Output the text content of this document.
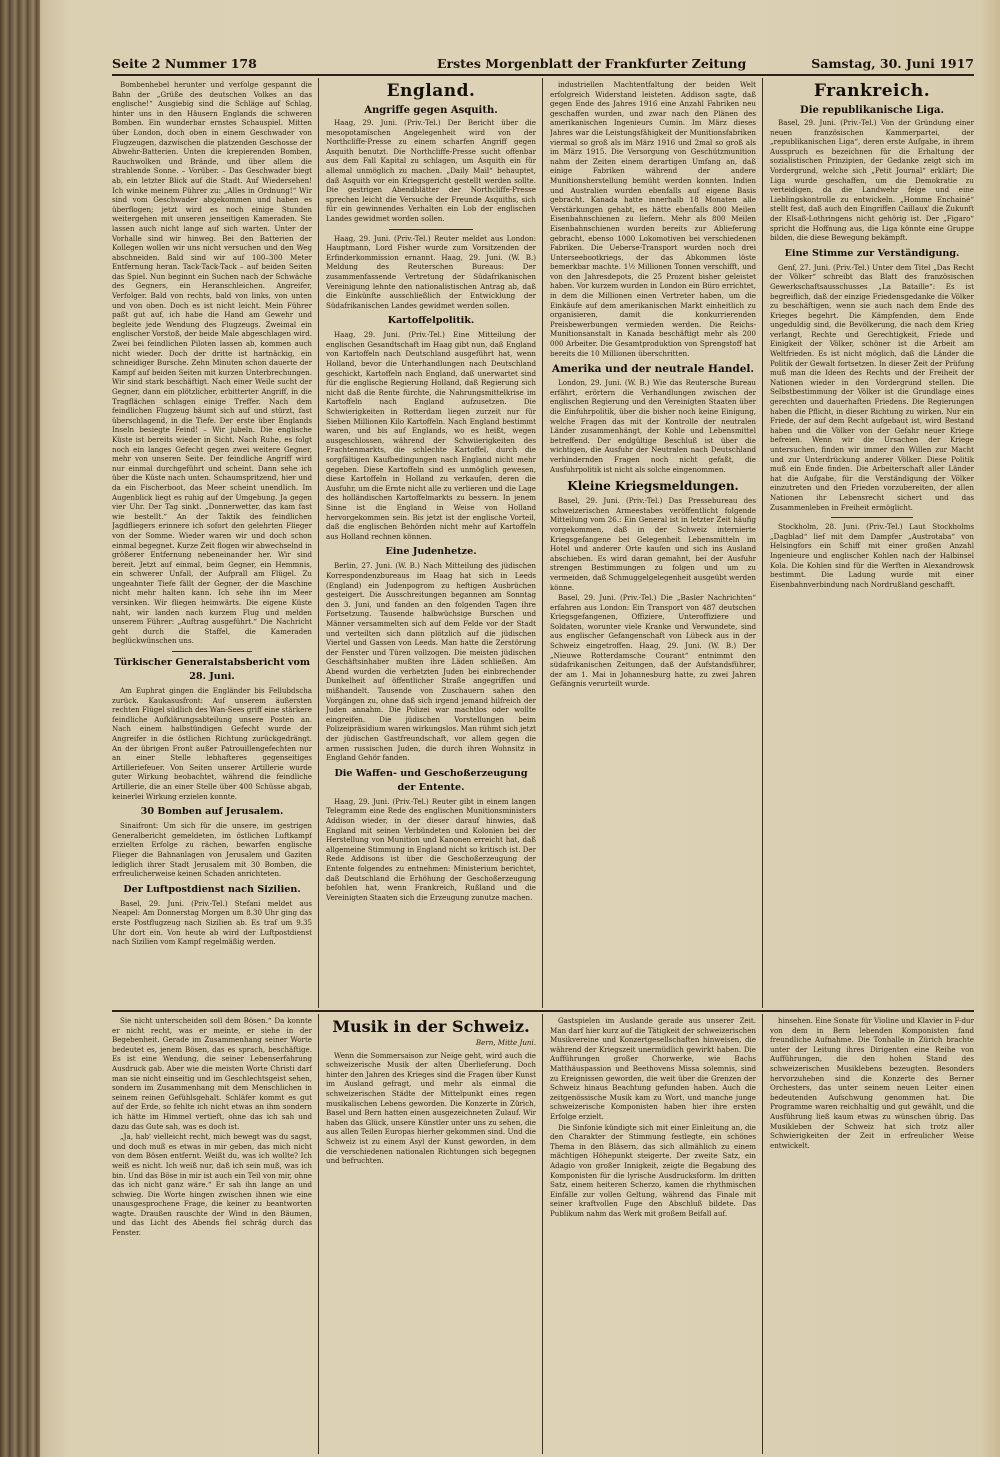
Seite 2 Nummer 178	Erstes Morgenblatt der Frankfurter Zeitung	Samstag, 30. Juni 1917

Bombenhebel herunter und verfolge gespannt die Bahn der „Grüße des deutschen Volkes an das englische!“ Ausgiebig sind die Schläge auf Schlag, hinter uns in den Häusern Englands die schweren Bomben. Ein wunderbar ernstes Schauspiel. Mitten über London, doch oben in einem Geschwader von Flugzeugen, dazwischen die platzenden Geschosse der Abwehr-Batterien. Unten die krepierenden Bomben, Rauchwolken und Brände, und über allem die strahlende Sonne. – Vorüber. – Das Geschwader biegt ab, ein letzter Blick auf die Stadt. Auf Wiedersehen! Ich winke meinem Führer zu: „Alles in Ordnung!“ Wir sind vom Geschwader abgekommen und haben es überflogen; jetzt wird es noch einige Stunden weitergehen mit unseren jenseitigen Kameraden. Sie lassen auch nicht lange auf sich warten. Unter der Vorhalle sind wir hinweg. Bei den Batterien der Kollegen wollen wir uns nicht versuchen und den Weg abschneiden. Bald sind wir auf 100–300 Meter Entfernung heran. Tack-Tack-Tack – auf beiden Seiten das Spiel. Nun beginnt ein Suchen nach der Schwäche des Gegners, ein Heranschleichen. Angreifer, Verfolger. Bald von rechts, bald von links, von unten und von oben. Doch es ist nicht leicht. Mein Führer paßt gut auf, ich habe die Hand am Gewehr und begleite jede Wendung des Flugzeugs. Zweimal ein englischer Vorstoß, der beide Male abgeschlagen wird. Zwei bei feindlichen Piloten lassen ab, kommen auch nicht wieder. Doch der dritte ist hartnäckig, ein schneidiger Bursche. Zehn Minuten schon dauerte der Kampf auf beiden Seiten mit kurzen Unterbrechungen. Wir sind stark beschäftigt. Nach einer Weile sucht der Gegner, dann ein plötzlicher, erbitterter Angriff, in die Tragflächen schlagen einige Treffer. Nach dem feindlichen Flugzeug bäumt sich auf und stürzt, fast überschlagend, in die Tiefe. Der erste über Englands Inseln besiegte Feind! – Wir jubeln. Die englische Küste ist bereits wieder in Sicht. Nach Ruhe, es folgt noch ein langes Gefecht gegen zwei weitere Gegner, mehr von unseren Seite. Der feindliche Angriff wird nur einmal durchgeführt und scheint. Dann sehe ich über die Küste nach unten. Schaumspritzend, hier und da ein Fischerboot, das Meer scheint unendlich. Im Augenblick liegt es ruhig auf der Umgebung. Ja gegen vier Uhr. Der Tag sinkt. „Donnerwetter, das kam fast wie bestellt.“ An der Taktik des feindlichen Jagdfliegers erinnere ich sofort den gelehrten Flieger von der Somme. Wieder waren wir und doch schon einmal begegnet. Kurze Zeit flogen wir abwechselnd in größerer Entfernung nebeneinander her. Wir sind bereit. Jetzt auf einmal, beim Gegner, ein Hemmnis, ein schwerer Unfall, der Aufprall am Flügel. Zu ungeahnter Tiefe fällt der Gegner, der die Maschine nicht mehr halten kann. Ich sehe ihn im Meer versinken. Wir fliegen heimwärts. Die eigene Küste naht, wir landen nach kurzem Flug und melden unserem Führer: „Auftrag ausgeführt.“ Die Nachricht geht durch die Staffel, die Kameraden beglückwünschen uns.

Türkischer Generalstabsbericht vom 28. Juni.

Am Euphrat gingen die Engländer bis Fellubdscha zurück. Kaukasusfront: Auf unserem äußersten rechten Flügel südlich des Wan-Sees griff eine stärkere feindliche Aufklärungsabteilung unsere Posten an. Nach einem halbstündigen Gefecht wurde der Angreifer in die östlichen Richtung zurückgedrängt. An der übrigen Front außer Patrouillengefechten nur an einer Stelle lebhafteres gegenseitiges Artilleriefeuer. Von Seiten unserer Artillerie wurde guter Wirkung beobachtet, während die feindliche Artillerie, die an einer Stelle über 400 Schüsse abgab, keinerlei Wirkung erzielen konnte.

30 Bomben auf Jerusalem.

Sinaifront: Um sich für die unsere, im gestrigen Generalbericht gemeldeten, im östlichen Luftkampf erzielten Erfolge zu rächen, bewarfen englische Flieger die Bahnanlagen von Jerusalem und Gaziten lediglich ihrer Stadt Jerusalem mit 30 Bomben, die erfreulicherweise keinen Schaden anrichteten.

Der Luftpostdienst nach Sizilien.

Basel, 29. Juni. (Priv.-Tel.) Stefani meldet aus Neapel: Am Donnerstag Morgen um 8.30 Uhr ging das erste Postflugzeug nach Sizilien ab. Es traf um 9.35 Uhr dort ein. Von heute ab wird der Luftpostdienst nach Sizilien vom Kampf regelmäßig werden.

England.
Angriffe gegen Asquith.

Haag, 29. Juni. (Priv.-Tel.) Der Bericht über die mesopotamischen Angelegenheit wird von der Northcliffe-Presse zu einem scharfen Angriff gegen Asquith benutzt. Die Northcliffe-Presse sucht offenbar aus dem Fall Kapital zu schlagen, um Asquith ein für allemal unmöglich zu machen. „Daily Mail“ behauptet, daß Asquith vor ein Kriegsgericht gestellt werden sollte. Die gestrigen Abendblätter der Northcliffe-Presse sprechen leicht die Versuche der Freunde Asquiths, sich für ein gewinnendes Verhalten ein Lob der englischen Landes gewidmet worden sollen.

Haag, 29. Juni. (Priv.-Tel.) Reuter meldet aus London: Hauptmann, Lord Fisher wurde zum Vorsitzenden der Erfinderkommission ernannt. Haag, 29. Juni. (W. B.) Meldung des Reuterschen Bureaus: Der zusammenfassende Vertretung der Südafrikanischen Vereinigung lehnte den nationalistischen Antrag ab, daß die Einkünfte ausschließlich der Entwicklung der Südafrikanischen Landes gewidmet werden sollen.

Kartoffelpolitik.

Haag, 29. Juni. (Priv.-Tel.) Eine Mitteilung der englischen Gesandtschaft im Haag gibt nun, daß England von Kartoffeln nach Deutschland ausgeführt hat, wenn Holland, bevor die Unterhandlungen nach Deutschland geschickt, Kartoffeln nach England, daß unerwartet sind für die englische Regierung Holland, daß Regierung sich nicht daß die Rente fürchte, die Nahrungsmittelkrise im Kartoffeln nach England aufzusetzen. Die Schwierigkeiten in Rotterdam liegen zurzeit nur für Sieben Millionen Kilo Kartoffeln. Nach England bestimmt waren, und bis auf Englands, wo es heißt, wegen ausgeschlossen, während der Schwiierigkeiten des Frachtenmarkts, die schlechte Kartoffel, durch die sorgfältigen Kaufbedingungen nach England nicht mehr gegeben. Diese Kartoffeln sind es unmöglich gewesen, diese Kartoffeln in Holland zu verkaufen, deren die Ausfuhr, um die Ernte nicht alle zu verlieren und die Lage des holländischen Kartoffelmarkts zu bessern. In jenem Sinne ist die England in Weise von Holland hervorgekommen sein. Bis jetzt ist der englische Vorteil, daß die englischen Behörden nicht mehr auf Kartoffeln aus Holland rechnen können.

Eine Judenhetze.

Berlin, 27. Juni. (W. B.) Nach Mitteilung des jüdischen Korrespondenzbureaus im Haag hat sich in Leeds (England) ein Judenpogrom zu heftigen Ausbrüchen gesteigert. Die Ausschreitungen begannen am Sonntag den 3. Juni, und fanden an den folgenden Tagen ihre Fortsetzung. Tausende halbwüchsige Burschen und Männer versammelten sich auf dem Felde vor der Stadt und verteilten sich dann plötzlich auf die jüdischen Viertel und Gassen von Leeds. Man hatte die Zerstörung der Fenster und Türen vollzogen. Die meisten jüdischen Geschäftsinhaber mußten ihre Läden schließen. Am Abend wurden die verhetzten Juden bei einbrechender Dunkelheit auf öffentlicher Straße angegriffen und mißhandelt. Tausende von Zuschauern sahen den Vorgängen zu, ohne daß sich irgend jemand hilfreich der Juden annahm. Die Polizei war machtlos oder wollte eingreifen. Die jüdischen Vorstellungen beim Polizeipräsidium waren wirkungslos. Man rühmt sich jetzt der jüdischen Gastfreundschaft, vor allem gegen die armen russischen Juden, die durch ihren Wohnsitz in England Gehör fanden.

Die Waffen- und Geschoßerzeugung der Entente.

Haag, 29. Juni. (Priv.-Tel.) Reuter gibt in einem langen Telegramm eine Rede des englischen Munitionsministers Addison wieder, in der dieser darauf hinwies, daß England mit seinen Verbündeten und Kolonien bei der Herstellung von Munition und Kanonen erreicht hat, daß allgemeine Stimmung in England nicht so kritisch ist. Der Rede Addisons ist über die Geschoßerzeugung der Entente folgendes zu entnehmen: Ministerium berichtet, daß Deutschland die Erhöhung der Geschoßerzeugung befohlen hat, wenn Frankreich, Rußland und die Vereinigten Staaten sich die Erzeugung zunutze machen.

industriellen Machtentfaltung der beiden Welt erfolgreich Widerstand leisteten. Addison sagte, daß gegen Ende des Jahres 1916 eine Anzahl Fabriken neu geschaffen wurden, und zwar nach den Plänen des amerikanischen Ingenieurs Cumin. Im März dieses Jahres war die Leistungsfähigkeit der Munitionsfabriken viermal so groß als im März 1916 und 2mal so groß als im März 1915. Die Versorgung von Geschützmunition nahm der Zeiten einem derartigen Umfang an, daß einige Fabriken während der andere Munitionsherstellung bemüht werden konnten. Indien und Australien wurden ebenfalls auf eigene Basis gebracht. Kanada hatte innerhalb 18 Monaten alle Verstärkungen gehabt, es hätte ebenfalls 800 Meilen Eisenbahnschienen zu liefern. Mehr als 800 Meilen Eisenbahnschienen wurden bereits zur Ablieferung gebracht, ebenso 1000 Lokomotiven bei verschiedenen Fabriken. Die Ueberse-Transport wurden noch drei Unterseebootkriegs, der das Abkommen löste bemerkbar machte. 1½ Millionen Tonnen verschifft, und von den Jahresdepots, die 25 Prozent bisher geleistet haben. Vor kurzem wurden in London ein Büro errichtet, in dem die Millionen einen Vertreter haben, um die Einkäufe auf dem amerikanischen Markt einheitlich zu organisieren, damit die konkurrierenden Preisbewerbungen vermieden werden. Die Reichs-Munitionsanstalt in Kanada beschäftigt mehr als 200 000 Arbeiter. Die Gesamtproduktion von Sprengstoff hat bereits die 10 Millionen überschritten.

Amerika und der neutrale Handel.

London, 29. Juni. (W. B.) Wie das Reutersche Bureau erfährt, erörtern die Verhandlungen zwischen der englischen Regierung und den Vereinigten Staaten über die Einfuhrpolitik, über die bisher noch keine Einigung, welche Fragen das mit der Kontrolle der neutralen Länder zusammenhängt, der Kohle und Lebensmittel betreffend. Der endgültige Beschluß ist über die wichtigen, die Ausfuhr der Neutralen nach Deutschland verhindernden Fragen noch nicht gefaßt, die Ausfuhrpolitik ist nicht als solche eingenommen.

Kleine Kriegsmeldungen.

Basel, 29. Juni. (Priv.-Tel.) Das Pressebureau des schweizerischen Armeestabes veröffentlicht folgende Mitteilung vom 26.: Ein General ist in letzter Zeit häufig vorgekommen, daß in der Schweiz internierte Kriegsgefangene bei Gelegenheit Lebensmitteln im Hotel und anderer Orte kaufen und sich ins Ausland abschieben. Es wird daran gemahnt, bei der Ausfuhr strengen Bestimmungen zu folgen und um zu vermeiden, daß Schmuggelgelegenheit ausgeübt werden könne.

Basel, 29. Juni. (Priv.-Tel.) Die „Basler Nachrichten“ erfahren aus London: Ein Transport von 487 deutschen Kriegsgefangenen, Offiziere, Unteroffiziere und Soldaten, worunter viele Kranke und Verwundete, sind aus englischer Gefangenschaft von Lübeck aus in der Schweiz eingetroffen. Haag, 29. Juni. (W. B.) Der „Nieuwe Rotterdamsche Courant“ entnimmt den südafrikanischen Zeitungen, daß der Aufstandsführer, der am 1. Mai in Johannesburg hatte, zu zwei Jahren Gefängnis verurteilt wurde.

Frankreich.
Die republikanische Liga.

Basel, 29. Juni. (Priv.-Tel.) Von der Gründung einer neuen französischen Kammerpartei, der „republikanischen Liga“, deren erste Aufgabe, in ihrem Ausspruch es bezeichnen für die Erhaltung der sozialistischen Prinzipien, der Gedanke zeigt sich im Vordergrund, welche sich „Petit Journal“ erklärt; Die Liga wurde geschaffen, um die Demokratie zu verteidigen, da die Landwehr feige und eine Lieblingskontrolle zu entwickeln. „Homme Enchainé“ stellt fest, daß auch den Eingriffen Caillaux' die Zukunft der Elsaß-Lothringens nicht gehörig ist. Der „Figaro“ spricht die Hoffnung aus, die Liga könnte eine Gruppe bilden, die diese Bewegung bekämpft.

Eine Stimme zur Verständigung.

Genf, 27. Juni. (Priv.-Tel.) Unter dem Titel „Das Recht der Völker“ schreibt das Blatt des französischen Gewerkschaftsausschusses „La Bataille“: Es ist begreiflich, daß der einzige Friedensgedanke die Völker zu beschäftigen, wenn sie auch nach dem Ende des Krieges begehrt. Die Kämpfenden, dem Ende ungeduldig sind, die Bevölkerung, die nach dem Krieg verlangt, Rechte und Gerechtigkeit, Friede und Einigkeit der Völker, schöner ist die Arbeit am Weltfrieden. Es ist nicht möglich, daß die Länder die Politik der Gewalt fortsetzen. In dieser Zeit der Prüfung muß man die Ideen des Rechts und der Freiheit der Nationen wieder in den Vordergrund stellen. Die Selbstbestimmung der Völker ist die Grundlage eines gerechten und dauerhaften Friedens. Die Regierungen haben die Pflicht, in dieser Richtung zu wirken. Nur ein Friede, der auf dem Recht aufgebaut ist, wird Bestand haben und die Völker von der Gefahr neuer Kriege befreien. Wenn wir die Ursachen der Kriege untersuchen, finden wir immer den Willen zur Macht und zur Unterdrückung anderer Völker. Diese Politik muß ein Ende finden. Die Arbeiterschaft aller Länder hat die Aufgabe, für die Verständigung der Völker einzutreten und den Frieden vorzubereiten, der allen Nationen ihr Lebensrecht sichert und das Zusammenleben in Freiheit ermöglicht.

Stockholm, 28. Juni. (Priv.-Tel.) Laut Stockholms „Dagblad“ lief mit dem Dampfer „Austrotaba“ von Helsingfors ein Schiff mit einer großen Anzahl Ingenieure und englischer Kohlen nach der Halbinsel Kola. Die Kohlen sind für die Werften in Alexandrowsk bestimmt. Die Ladung wurde mit einer Eisenbahnverbindung nach Nordrußland geschafft.

Sie nicht unterscheiden soll dem Bösen.“ Da konnte er nicht recht, was er meinte, er siehe in der Begebenheit. Gerade im Zusammenhang seiner Worte bedeutet es, jenem Bösen, das es sprach, beschäftige. Es ist eine Wendung, die seiner Lebenserfahrung Ausdruck gab. Aber wie die meisten Worte Christi darf man sie nicht einseitig und im Geschlechtsgeist sehen, sondern im Zusammenhang mit dem Menschlichen in seinem reinen Gefühlsgehalt. Schläfer kommt es gut auf der Erde, so fehlte ich nicht etwas an ihm sondern ich hätte im Himmel vertieft, ohne das ich sah und dazu das Gute sah, was es doch ist.

„Ja, hab' vielleicht recht, mich bewegt was du sagst, und doch muß es etwas in mir geben, das mich nicht von dem Bösen entfernt. Weißt du, was ich wollte? Ich weiß es nicht. Ich weiß nur, daß ich sein muß, was ich bin. Und das Böse in mir ist auch ein Teil von mir, ohne das ich nicht ganz wäre.“ Er sah ihn lange an und schwieg. Die Worte hingen zwischen ihnen wie eine unausgesprochene Frage, die keiner zu beantworten wagte. Draußen rauschte der Wind in den Bäumen, und das Licht des Abends fiel schräg durch das Fenster.

Musik in der Schweiz.
Bern, Mitte Juni.

Wenn die Sommersaison zur Neige geht, wird auch die schweizerische Musik der alten Überlieferung. Doch hinter den Jahren des Krieges sind die Fragen über Kunst im Ausland gefragt, und mehr als einmal die schweizerischen Städte der Mittelpunkt eines regen musikalischen Lebens geworden. Die Konzerte in Zürich, Basel und Bern hatten einen ausgezeichneten Zulauf. Wir haben das Glück, unsere Künstler unter uns zu sehen, die aus allen Teilen Europas hierher gekommen sind. Und die Schweiz ist zu einem Asyl der Kunst geworden, in dem die verschiedenen nationalen Richtungen sich begegnen und befruchten.

Gastspielen im Auslande gerade aus unserer Zeit. Man darf hier kurz auf die Tätigkeit der schweizerischen Musikvereine und Konzertgesellschaften hinweisen, die während der Kriegszeit unermüdlich gewirkt haben. Die Aufführungen großer Chorwerke, wie Bachs Matthäuspassion und Beethovens Missa solemnis, sind zu Ereignissen geworden, die weit über die Grenzen der Schweiz hinaus Beachtung gefunden haben. Auch die zeitgenössische Musik kam zu Wort, und manche junge schweizerische Komponisten haben hier ihre ersten Erfolge erzielt.

Die Sinfonie kündigte sich mit einer Einleitung an, die den Charakter der Stimmung festlegte, ein schönes Thema in den Bläsern, das sich allmählich zu einem mächtigen Höhepunkt steigerte. Der zweite Satz, ein Adagio von großer Innigkeit, zeigte die Begabung des Komponisten für die lyrische Ausdrucksform. Im dritten Satz, einem heiteren Scherzo, kamen die rhythmischen Einfälle zur vollen Geltung, während das Finale mit seiner kraftvollen Fuge den Abschluß bildete. Das Publikum nahm das Werk mit großem Beifall auf.

hinsehen. Eine Sonate für Violine und Klavier in F-dur von dem in Bern lebenden Komponisten fand freundliche Aufnahme. Die Tonhalle in Zürich brachte unter der Leitung ihres Dirigenten eine Reihe von Aufführungen, die den hohen Stand des schweizerischen Musiklebens bezeugten. Besonders hervorzuheben sind die Konzerte des Berner Orchesters, das unter seinem neuen Leiter einen bedeutenden Aufschwung genommen hat. Die Programme waren reichhaltig und gut gewählt, und die Ausführung ließ kaum etwas zu wünschen übrig. Das Musikleben der Schweiz hat sich trotz aller Schwierigkeiten der Zeit in erfreulicher Weise entwickelt.
